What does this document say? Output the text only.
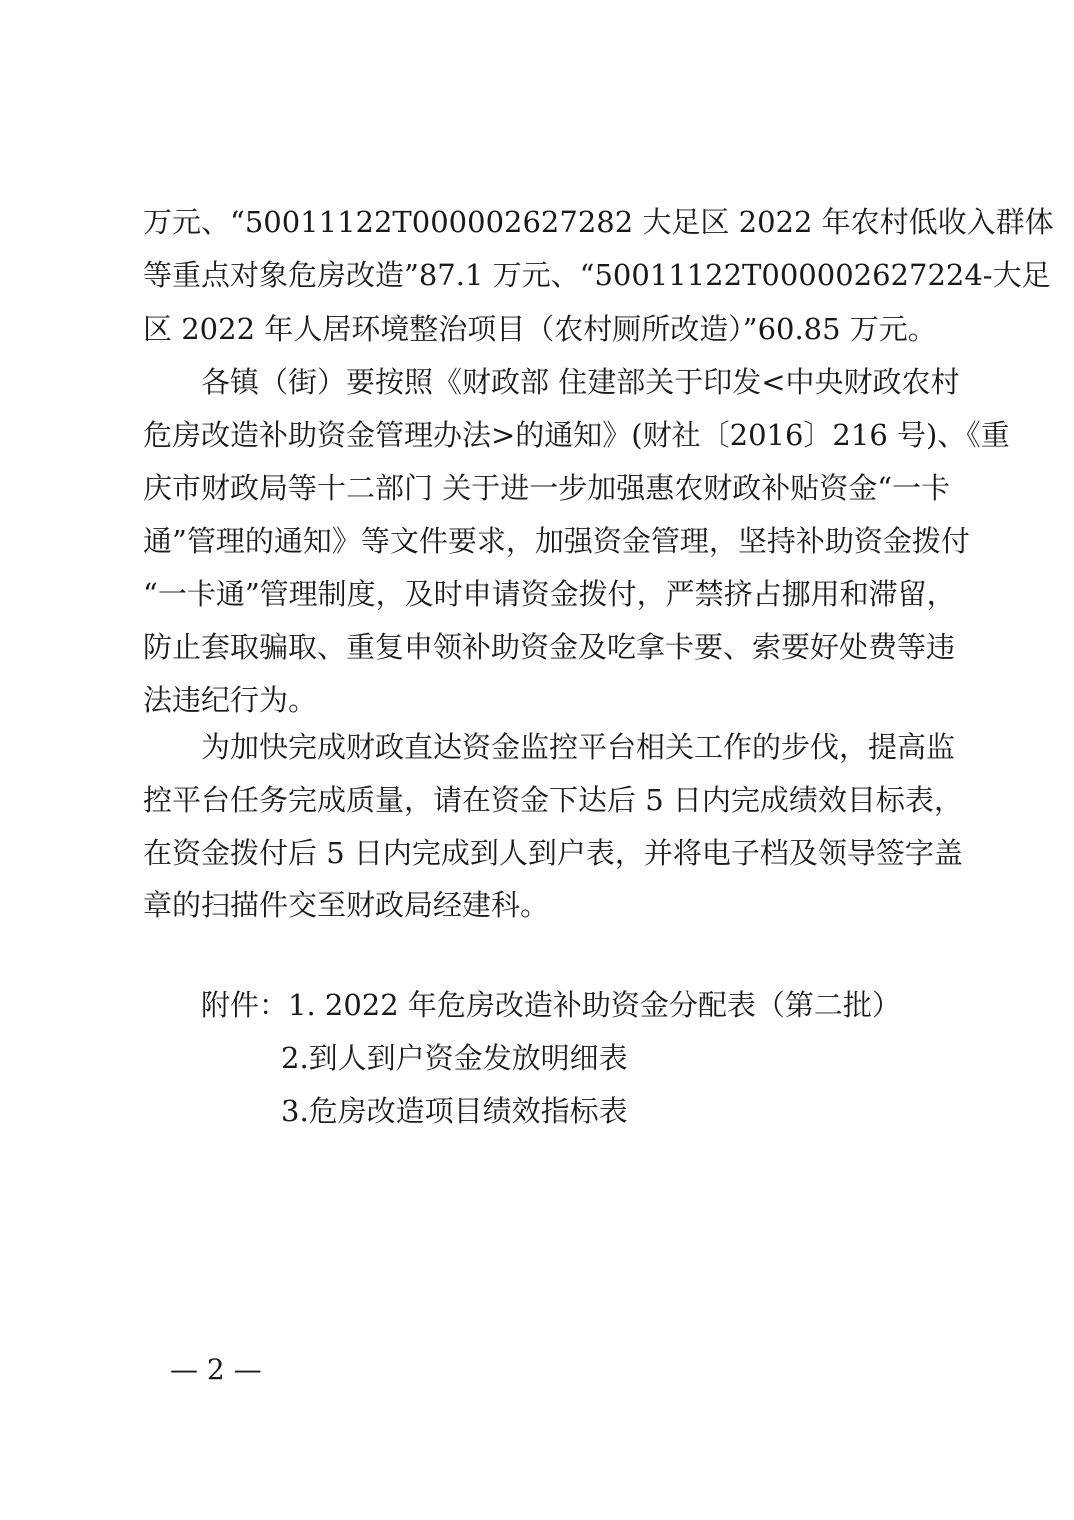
万元、“50011122T000002627282 大足区 2022 年农村低收入群体
等重点对象危房改造”87.1 万元、“50011122T000002627224-大足
区 2022 年人居环境整治项目（农村厕所改造）”60.85 万元。
各镇（街）要按照《财政部 住建部关于印发<中央财政农村
危房改造补助资金管理办法>的通知》(财社〔2016〕216 号)、《重
庆市财政局等十二部门 关于进一步加强惠农财政补贴资金“一卡
通”管理的通知》等文件要求，加强资金管理，坚持补助资金拨付
“一卡通”管理制度，及时申请资金拨付，严禁挤占挪用和滞留，
防止套取骗取、重复申领补助资金及吃拿卡要、索要好处费等违
法违纪行为。
为加快完成财政直达资金监控平台相关工作的步伐，提高监
控平台任务完成质量，请在资金下达后 5 日内完成绩效目标表，
在资金拨付后 5 日内完成到人到户表，并将电子档及领导签字盖
章的扫描件交至财政局经建科。
附件： 1. 2022 年危房改造补助资金分配表（第二批）
2.到人到户资金发放明细表
3.危房改造项目绩效指标表
— 2 —
